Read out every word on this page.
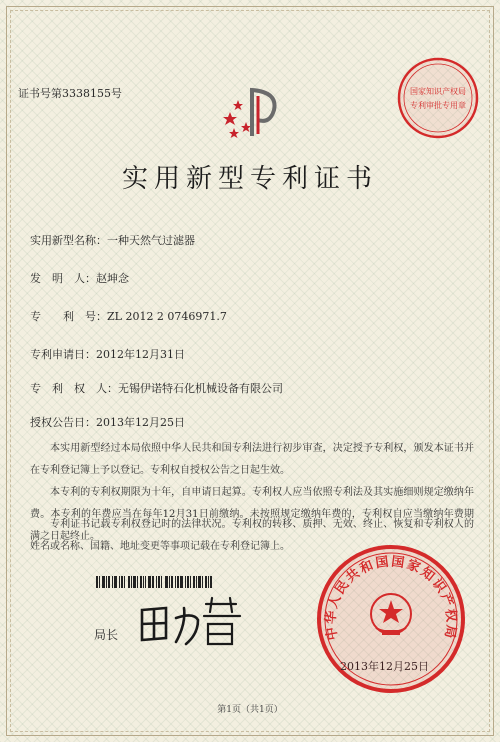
证书号第3338155号	国家知识产权局
专利审批专用章
实用新型专利证书
实用新型名称：一种天然气过滤器
发　明　人：赵坤念
专　　利　号：ZL 2012 2 0746971.7
专利申请日：2012年12月31日
专　利　权　人：无锡伊诺特石化机械设备有限公司
授权公告日：2013年12月25日
本实用新型经过本局依照中华人民共和国专利法进行初步审查，决定授予专利权，颁发本证书并在专利登记簿上予以登记。专利权自授权公告之日起生效。
本专利的专利权期限为十年，自申请日起算。专利权人应当依照专利法及其实施细则规定缴纳年费。本专利的年费应当在每年12月31日前缴纳。未按照规定缴纳年费的，专利权自应当缴纳年费期满之日起终止。
专利证书记载专利权登记时的法律状况。专利权的转移、质押、无效、终止、恢复和专利权人的姓名或名称、国籍、地址变更等事项记载在专利登记簿上。
局长	中华人民共和国国家知识产权局
2013年12月25日
第1页（共1页）
